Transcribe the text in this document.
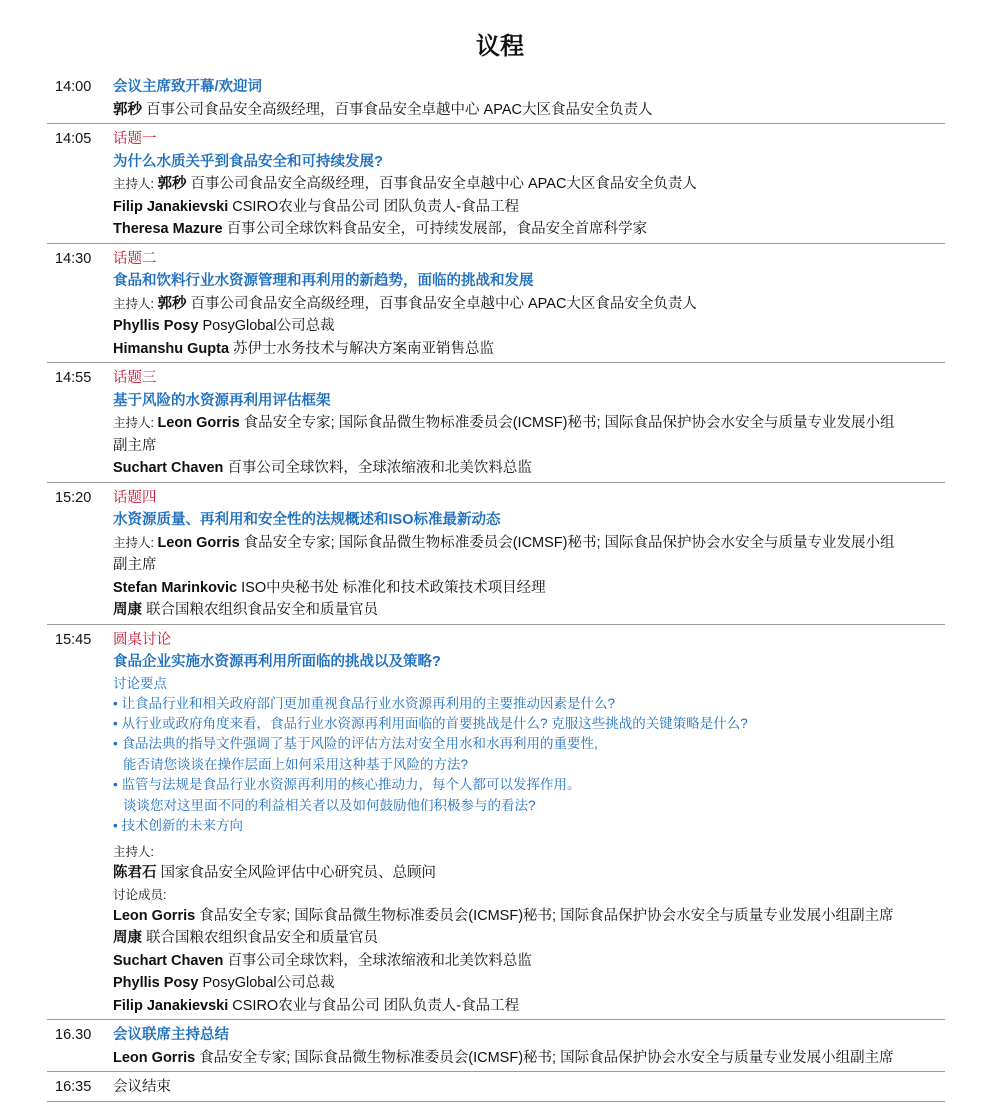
议程
14:00 会议主席致开幕/欢迎词
郭秒 百事公司食品安全高级经理，百事食品安全卓越中心 APAC大区食品安全负责人
14:05 话题一
为什么水质关乎到食品安全和可持续发展?
主持人: 郭秒 百事公司食品安全高级经理，百事食品安全卓越中心 APAC大区食品安全负责人
Filip Janakievski CSIRO农业与食品公司 团队负责人-食品工程
Theresa Mazure 百事公司全球饮料食品安全，可持续发展部，食品安全首席科学家
14:30 话题二
食品和饮料行业水资源管理和再利用的新趋势，面临的挑战和发展
主持人: 郭秒 百事公司食品安全高级经理，百事食品安全卓越中心 APAC大区食品安全负责人
Phyllis Posy PosyGlobal公司总裁
Himanshu Gupta 苏伊士水务技术与解决方案南亚销售总监
14:55 话题三
基于风险的水资源再利用评估框架
主持人: Leon Gorris 食品安全专家; 国际食品微生物标准委员会(ICMSF)秘书; 国际食品保护协会水安全与质量专业发展小组
副主席
Suchart Chaven 百事公司全球饮料，全球浓缩液和北美饮料总监
15:20 话题四
水资源质量、再利用和安全性的法规概述和ISO标准最新动态
主持人: Leon Gorris 食品安全专家; 国际食品微生物标准委员会(ICMSF)秘书; 国际食品保护协会水安全与质量专业发展小组
副主席
Stefan Marinkovic ISO中央秘书处 标准化和技术政策技术项目经理
周康 联合国粮农组织食品安全和质量官员
15:45 圆桌讨论
食品企业实施水资源再利用所面临的挑战以及策略?
讨论要点
• 让食品行业和相关政府部门更加重视食品行业水资源再利用的主要推动因素是什么?
• 从行业或政府角度来看，食品行业水资源再利用面临的首要挑战是什么? 克服这些挑战的关键策略是什么?
• 食品法典的指导文件强调了基于风险的评估方法对安全用水和水再利用的重要性,
能否请您谈谈在操作层面上如何采用这种基于风险的方法?
• 监管与法规是食品行业水资源再利用的核心推动力，每个人都可以发挥作用。
谈谈您对这里面不同的利益相关者以及如何鼓励他们积极参与的看法?
• 技术创新的未来方向
主持人:
陈君石 国家食品安全风险评估中心研究员、总顾问
讨论成员:
Leon Gorris 食品安全专家; 国际食品微生物标准委员会(ICMSF)秘书; 国际食品保护协会水安全与质量专业发展小组副主席
周康 联合国粮农组织食品安全和质量官员
Suchart Chaven 百事公司全球饮料，全球浓缩液和北美饮料总监
Phyllis Posy PosyGlobal公司总裁
Filip Janakievski CSIRO农业与食品公司 团队负责人-食品工程
16.30 会议联席主持总结
Leon Gorris 食品安全专家; 国际食品微生物标准委员会(ICMSF)秘书; 国际食品保护协会水安全与质量专业发展小组副主席
16:35 会议结束
